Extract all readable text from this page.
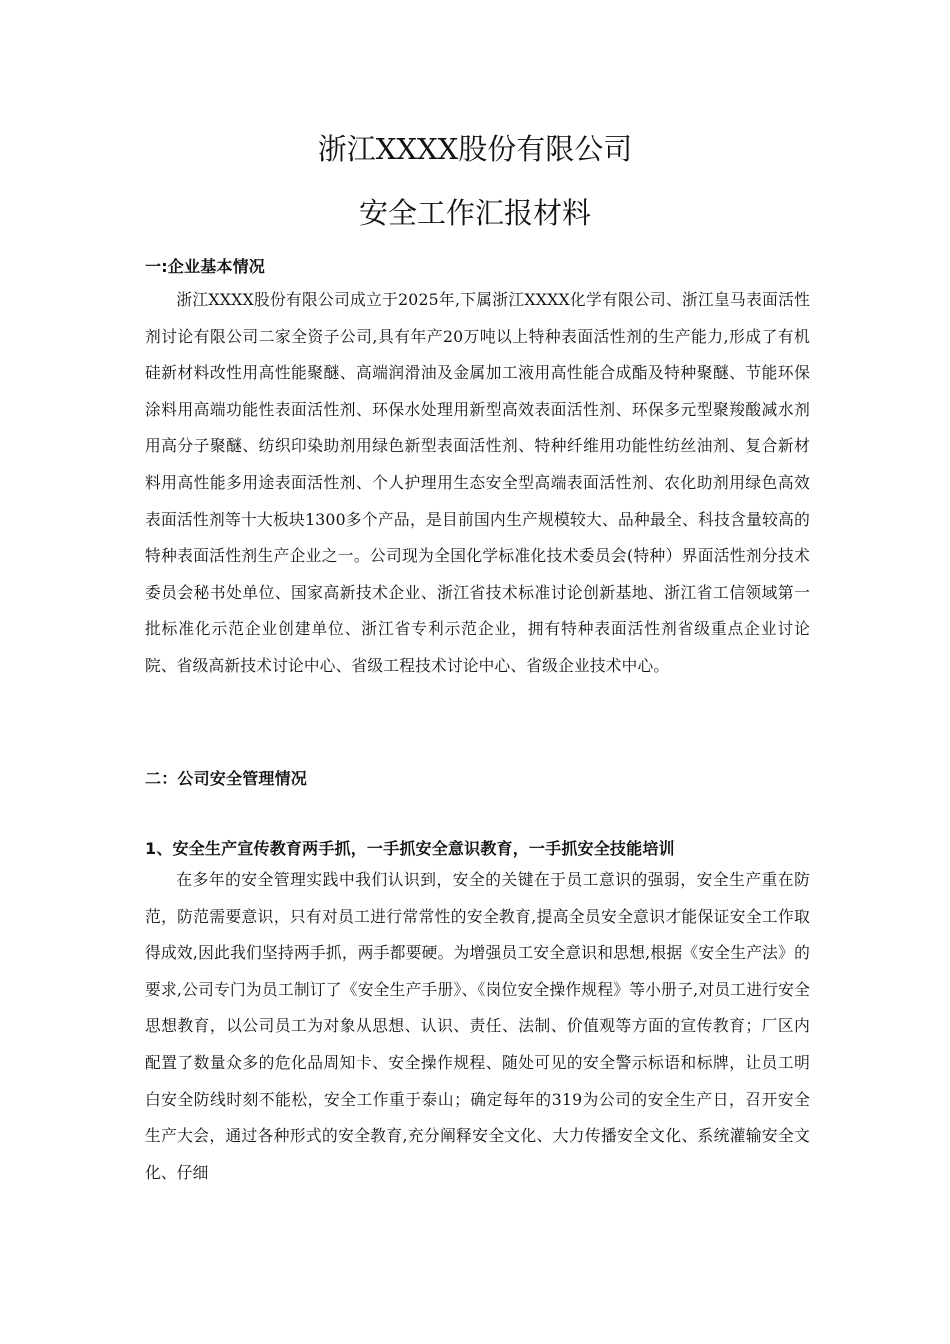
浙江XXXX股份有限公司
安全工作汇报材料

一:企业基本情况

浙江XXXX股份有限公司成立于2025年,下属浙江XXXX化学有限公司、浙江皇马表面活性剂讨论有限公司二家全资子公司,具有年产20万吨以上特种表面活性剂的生产能力,形成了有机硅新材料改性用高性能聚醚、高端润滑油及金属加工液用高性能合成酯及特种聚醚、节能环保涂料用高端功能性表面活性剂、环保水处理用新型高效表面活性剂、环保多元型聚羧酸减水剂用高分子聚醚、纺织印染助剂用绿色新型表面活性剂、特种纤维用功能性纺丝油剂、复合新材料用高性能多用途表面活性剂、个人护理用生态安全型高端表面活性剂、农化助剂用绿色高效表面活性剂等十大板块1300多个产品，是目前国内生产规模较大、品种最全、科技含量较高的特种表面活性剂生产企业之一。公司现为全国化学标准化技术委员会(特种）界面活性剂分技术委员会秘书处单位、国家高新技术企业、浙江省技术标准讨论创新基地、浙江省工信领域第一批标准化示范企业创建单位、浙江省专利示范企业，拥有特种表面活性剂省级重点企业讨论院、省级高新技术讨论中心、省级工程技术讨论中心、省级企业技术中心。

二：公司安全管理情况

1、安全生产宣传教育两手抓，一手抓安全意识教育，一手抓安全技能培训

在多年的安全管理实践中我们认识到，安全的关键在于员工意识的强弱，安全生产重在防范，防范需要意识，只有对员工进行常常性的安全教育,提高全员安全意识才能保证安全工作取得成效,因此我们坚持两手抓，两手都要硬。为增强员工安全意识和思想,根据《安全生产法》的要求,公司专门为员工制订了《安全生产手册》、《岗位安全操作规程》等小册子,对员工进行安全思想教育，以公司员工为对象从思想、认识、责任、法制、价值观等方面的宣传教育；厂区内配置了数量众多的危化品周知卡、安全操作规程、随处可见的安全警示标语和标牌，让员工明白安全防线时刻不能松，安全工作重于泰山；确定每年的319为公司的安全生产日，召开安全生产大会，通过各种形式的安全教育,充分阐释安全文化、大力传播安全文化、系统灌输安全文化、仔细
